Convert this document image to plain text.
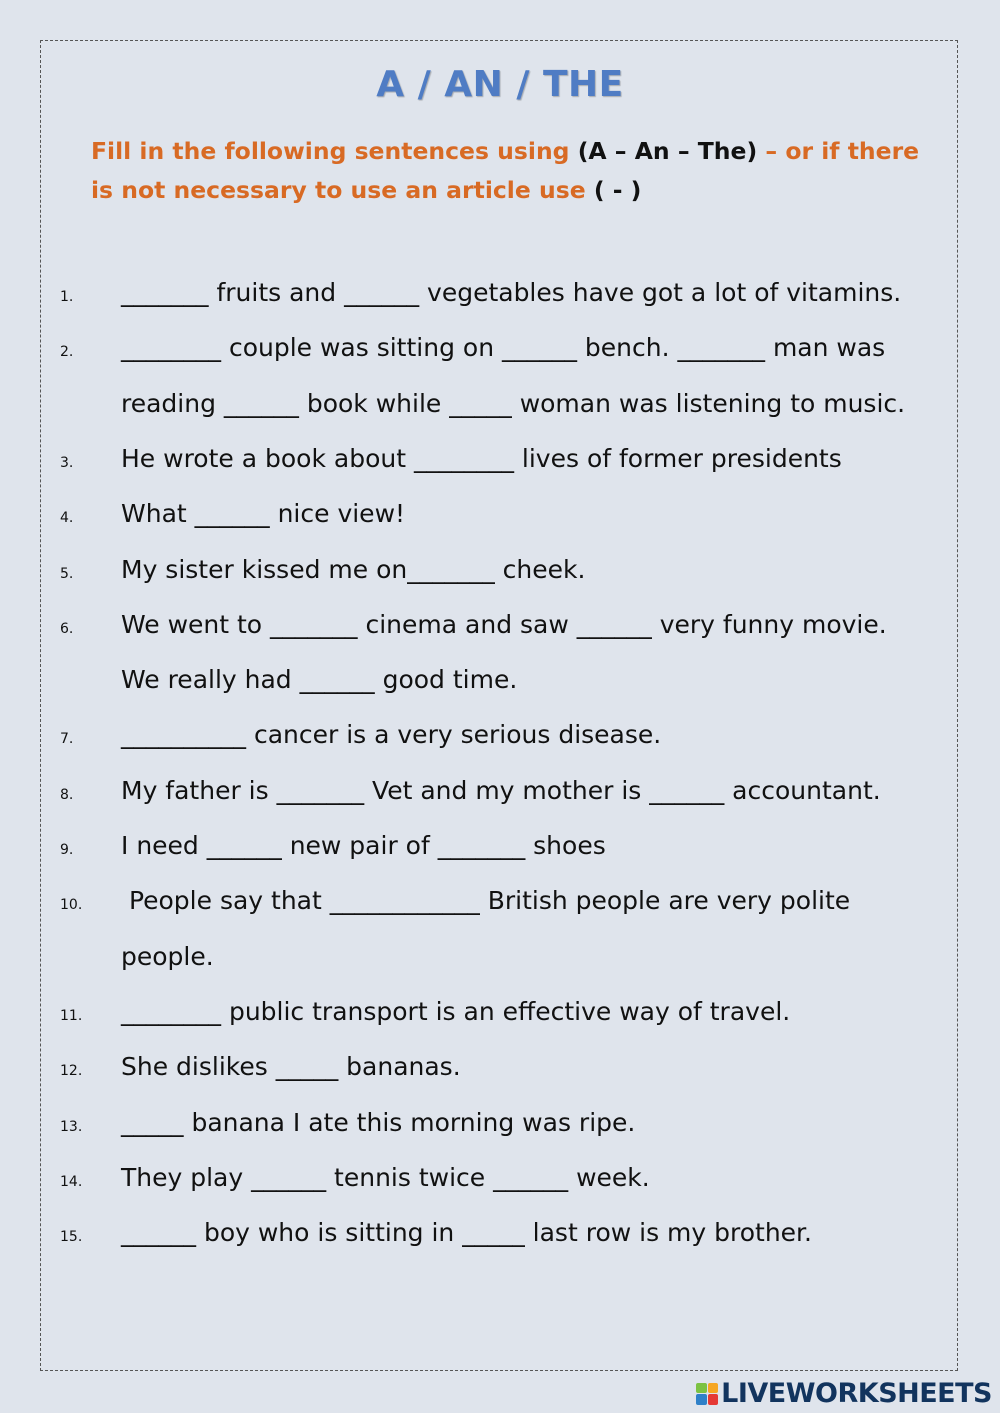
A / AN / THE
Fill in the following sentences using (A – An – The) – or if there is not necessary to use an article use ( - )
1. _______ fruits and ______ vegetables have got a lot of vitamins.
2. ________ couple was sitting on ______ bench. _______ man was
reading ______ book while _____ woman was listening to music.
3. He wrote a book about ________ lives of former presidents
4. What ______ nice view!
5. My sister kissed me on_______ cheek.
6. We went to _______ cinema and saw ______ very funny movie.
We really had ______ good time.
7. __________ cancer is a very serious disease.
8. My father is _______ Vet and my mother is ______ accountant.
9. I need ______ new pair of _______ shoes
10. People say that ____________ British people are very polite
people.
11. ________ public transport is an effective way of travel.
12. She dislikes _____ bananas.
13. _____ banana I ate this morning was ripe.
14. They play ______ tennis twice ______ week.
15. ______ boy who is sitting in _____ last row is my brother.
LIVEWORKSHEETS
